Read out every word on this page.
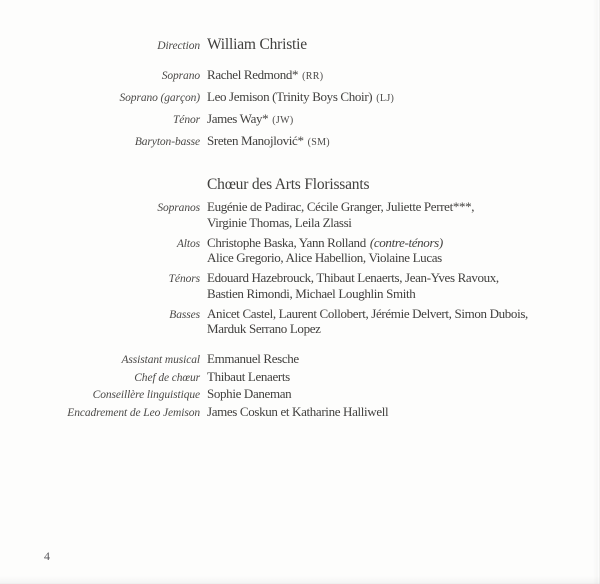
Direction William Christie
Soprano Rachel Redmond* (RR)
Soprano (garçon) Leo Jemison (Trinity Boys Choir) (LJ)
Ténor James Way* (JW)
Baryton-basse Sreten Manojlović* (SM)
Chœur des Arts Florissants
Sopranos Eugénie de Padirac, Cécile Granger, Juliette Perret***,
Virginie Thomas, Leila Zlassi
Altos Christophe Baska, Yann Rolland (contre-ténors)
Alice Gregorio, Alice Habellion, Violaine Lucas
Ténors Edouard Hazebrouck, Thibaut Lenaerts, Jean-Yves Ravoux,
Bastien Rimondi, Michael Loughlin Smith
Basses Anicet Castel, Laurent Collobert, Jérémie Delvert, Simon Dubois,
Marduk Serrano Lopez
Assistant musical Emmanuel Resche
Chef de chœur Thibaut Lenaerts
Conseillère linguistique Sophie Daneman
Encadrement de Leo Jemison James Coskun et Katharine Halliwell
4
